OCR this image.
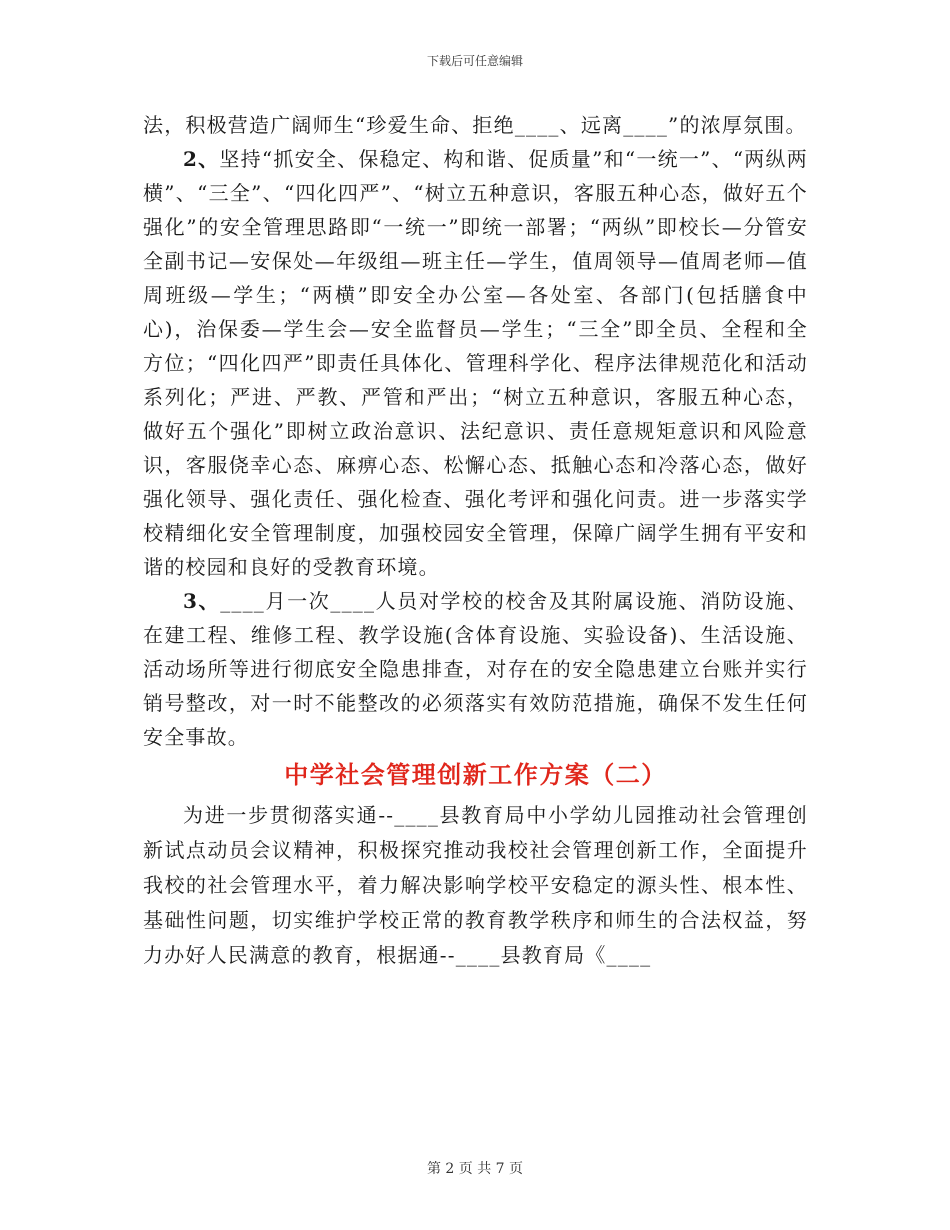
下载后可任意编辑

法，积极营造广阔师生“珍爱生命、拒绝____、远离____”的浓厚氛围。

2、坚持“抓安全、保稳定、构和谐、促质量”和“一统一”、“两纵两横”、“三全”、“四化四严”、“树立五种意识，客服五种心态，做好五个强化”的安全管理思路即“一统一”即统一部署；“两纵”即校长—分管安全副书记—安保处—年级组—班主任—学生，值周领导—值周老师—值周班级—学生；“两横”即安全办公室—各处室、各部门(包括膳食中心)，治保委—学生会—安全监督员—学生；“三全”即全员、全程和全方位；“四化四严”即责任具体化、管理科学化、程序法律规范化和活动系列化；严进、严教、严管和严出；“树立五种意识，客服五种心态，做好五个强化”即树立政治意识、法纪意识、责任意规矩意识和风险意识，客服侥幸心态、麻痹心态、松懈心态、抵触心态和冷落心态，做好强化领导、强化责任、强化检查、强化考评和强化问责。进一步落实学校精细化安全管理制度，加强校园安全管理，保障广阔学生拥有平安和谐的校园和良好的受教育环境。

3、____月一次____人员对学校的校舍及其附属设施、消防设施、在建工程、维修工程、教学设施(含体育设施、实验设备)、生活设施、活动场所等进行彻底安全隐患排查，对存在的安全隐患建立台账并实行销号整改，对一时不能整改的必须落实有效防范措施，确保不发生任何安全事故。

中学社会管理创新工作方案（二）

为进一步贯彻落实通--____县教育局中小学幼儿园推动社会管理创新试点动员会议精神，积极探究推动我校社会管理创新工作，全面提升我校的社会管理水平，着力解决影响学校平安稳定的源头性、根本性、基础性问题，切实维护学校正常的教育教学秩序和师生的合法权益，努力办好人民满意的教育，根据通--____县教育局《____

第 2 页 共 7 页
